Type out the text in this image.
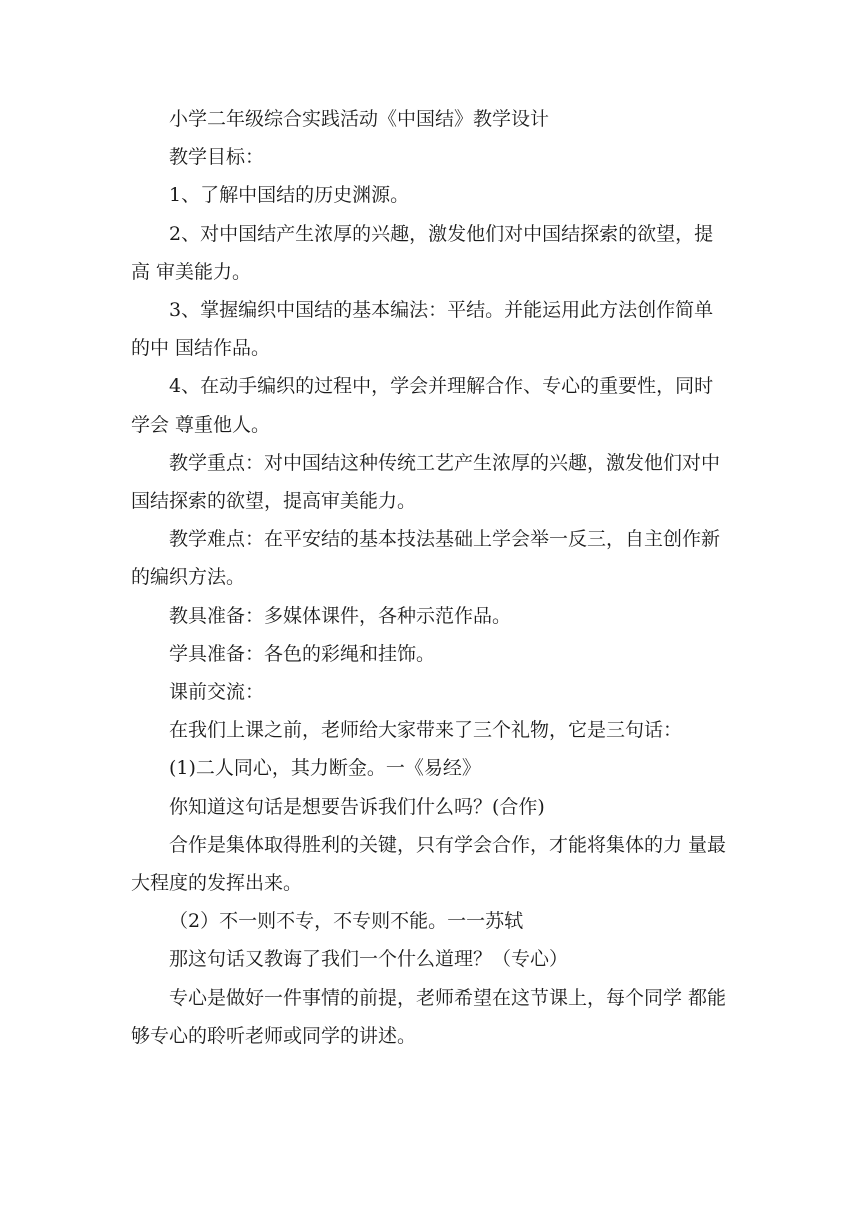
小学二年级综合实践活动《中国结》教学设计

教学目标：

1、了解中国结的历史渊源。

2、对中国结产生浓厚的兴趣，激发他们对中国结探索的欲望，提高 审美能力。

3、掌握编织中国结的基本编法：平结。并能运用此方法创作简单的中 国结作品。

4、在动手编织的过程中，学会并理解合作、专心的重要性，同时学会 尊重他人。

教学重点：对中国结这种传统工艺产生浓厚的兴趣，激发他们对中 国结探索的欲望，提高审美能力。

教学难点：在平安结的基本技法基础上学会举一反三，自主创作新 的编织方法。

教具准备：多媒体课件，各种示范作品。

学具准备：各色的彩绳和挂饰。

课前交流：

在我们上课之前，老师给大家带来了三个礼物，它是三句话：

(1)二人同心，其力断金。一《易经》

你知道这句话是想要告诉我们什么吗？(合作)

合作是集体取得胜利的关键，只有学会合作，才能将集体的力 量最大程度的发挥出来。

（2）不一则不专，不专则不能。一一苏轼

那这句话又教诲了我们一个什么道理？（专心）

专心是做好一件事情的前提，老师希望在这节课上，每个同学 都能够专心的聆听老师或同学的讲述。
